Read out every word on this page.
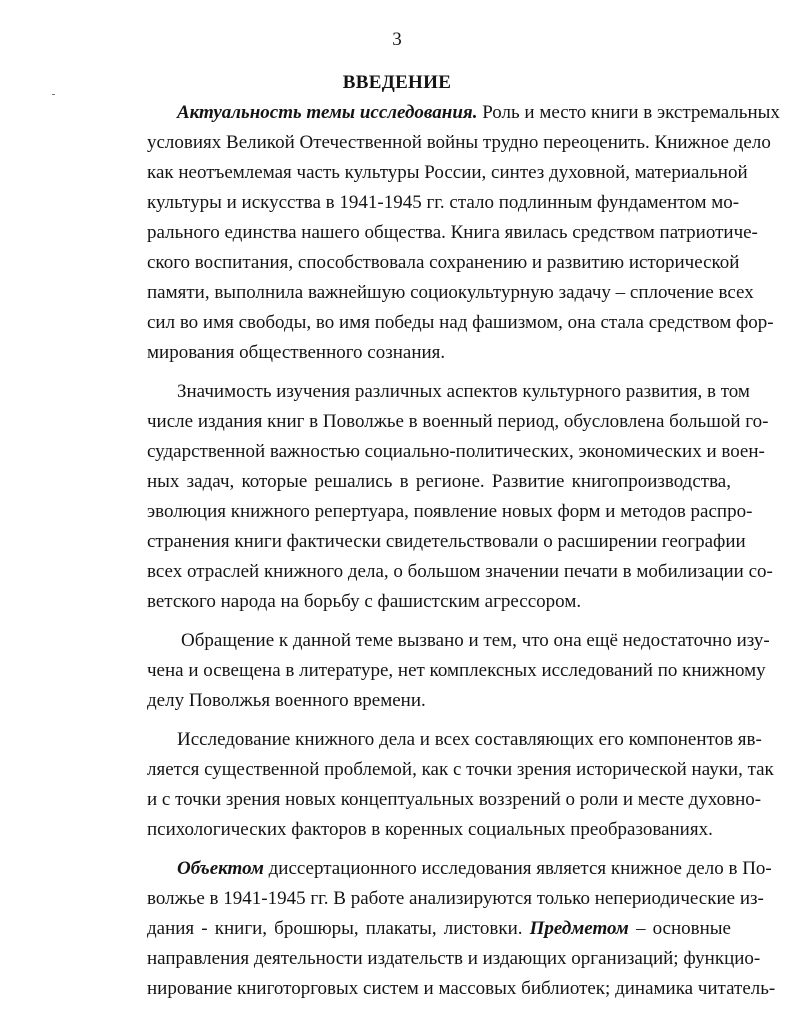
3
ВВЕДЕНИЕ
Актуальность темы исследования. Роль и место книги в экстремальных
условиях Великой Отечественной войны трудно переоценить. Книжное дело
как неотъемлемая часть культуры России, синтез духовной, материальной
культуры и искусства в 1941-1945 гг. стало подлинным фундаментом мо-
рального единства нашего общества. Книга явилась средством патриотиче-
ского воспитания, способствовала сохранению и развитию исторической
памяти, выполнила важнейшую социокультурную задачу – сплочение всех
сил во имя свободы, во имя победы над фашизмом, она стала средством фор-
мирования общественного сознания.
Значимость изучения различных аспектов культурного развития, в том
числе издания книг в Поволжье в военный период, обусловлена большой го-
сударственной важностью социально-политических, экономических и воен-
ных задач, которые решались в регионе. Развитие книгопроизводства,
эволюция книжного репертуара, появление новых форм и методов распро-
странения книги фактически свидетельствовали о расширении географии
всех отраслей книжного дела, о большом значении печати в мобилизации со-
ветского народа на борьбу с фашистским агрессором.
Обращение к данной теме вызвано и тем, что она ещё недостаточно изу-
чена и освещена в литературе, нет комплексных исследований по книжному
делу Поволжья военного времени.
Исследование книжного дела и всех составляющих его компонентов яв-
ляется существенной проблемой, как с точки зрения исторической науки, так
и с точки зрения новых концептуальных воззрений о роли и месте духовно-
психологических факторов в коренных социальных преобразованиях.
Объектом диссертационного исследования является книжное дело в По-
волжье в 1941-1945 гг. В работе анализируются только непериодические из-
дания - книги, брошюры, плакаты, листовки. Предметом – основные
направления деятельности издательств и издающих организаций; функцио-
нирование книготорговых систем и массовых библиотек; динамика читатель-
